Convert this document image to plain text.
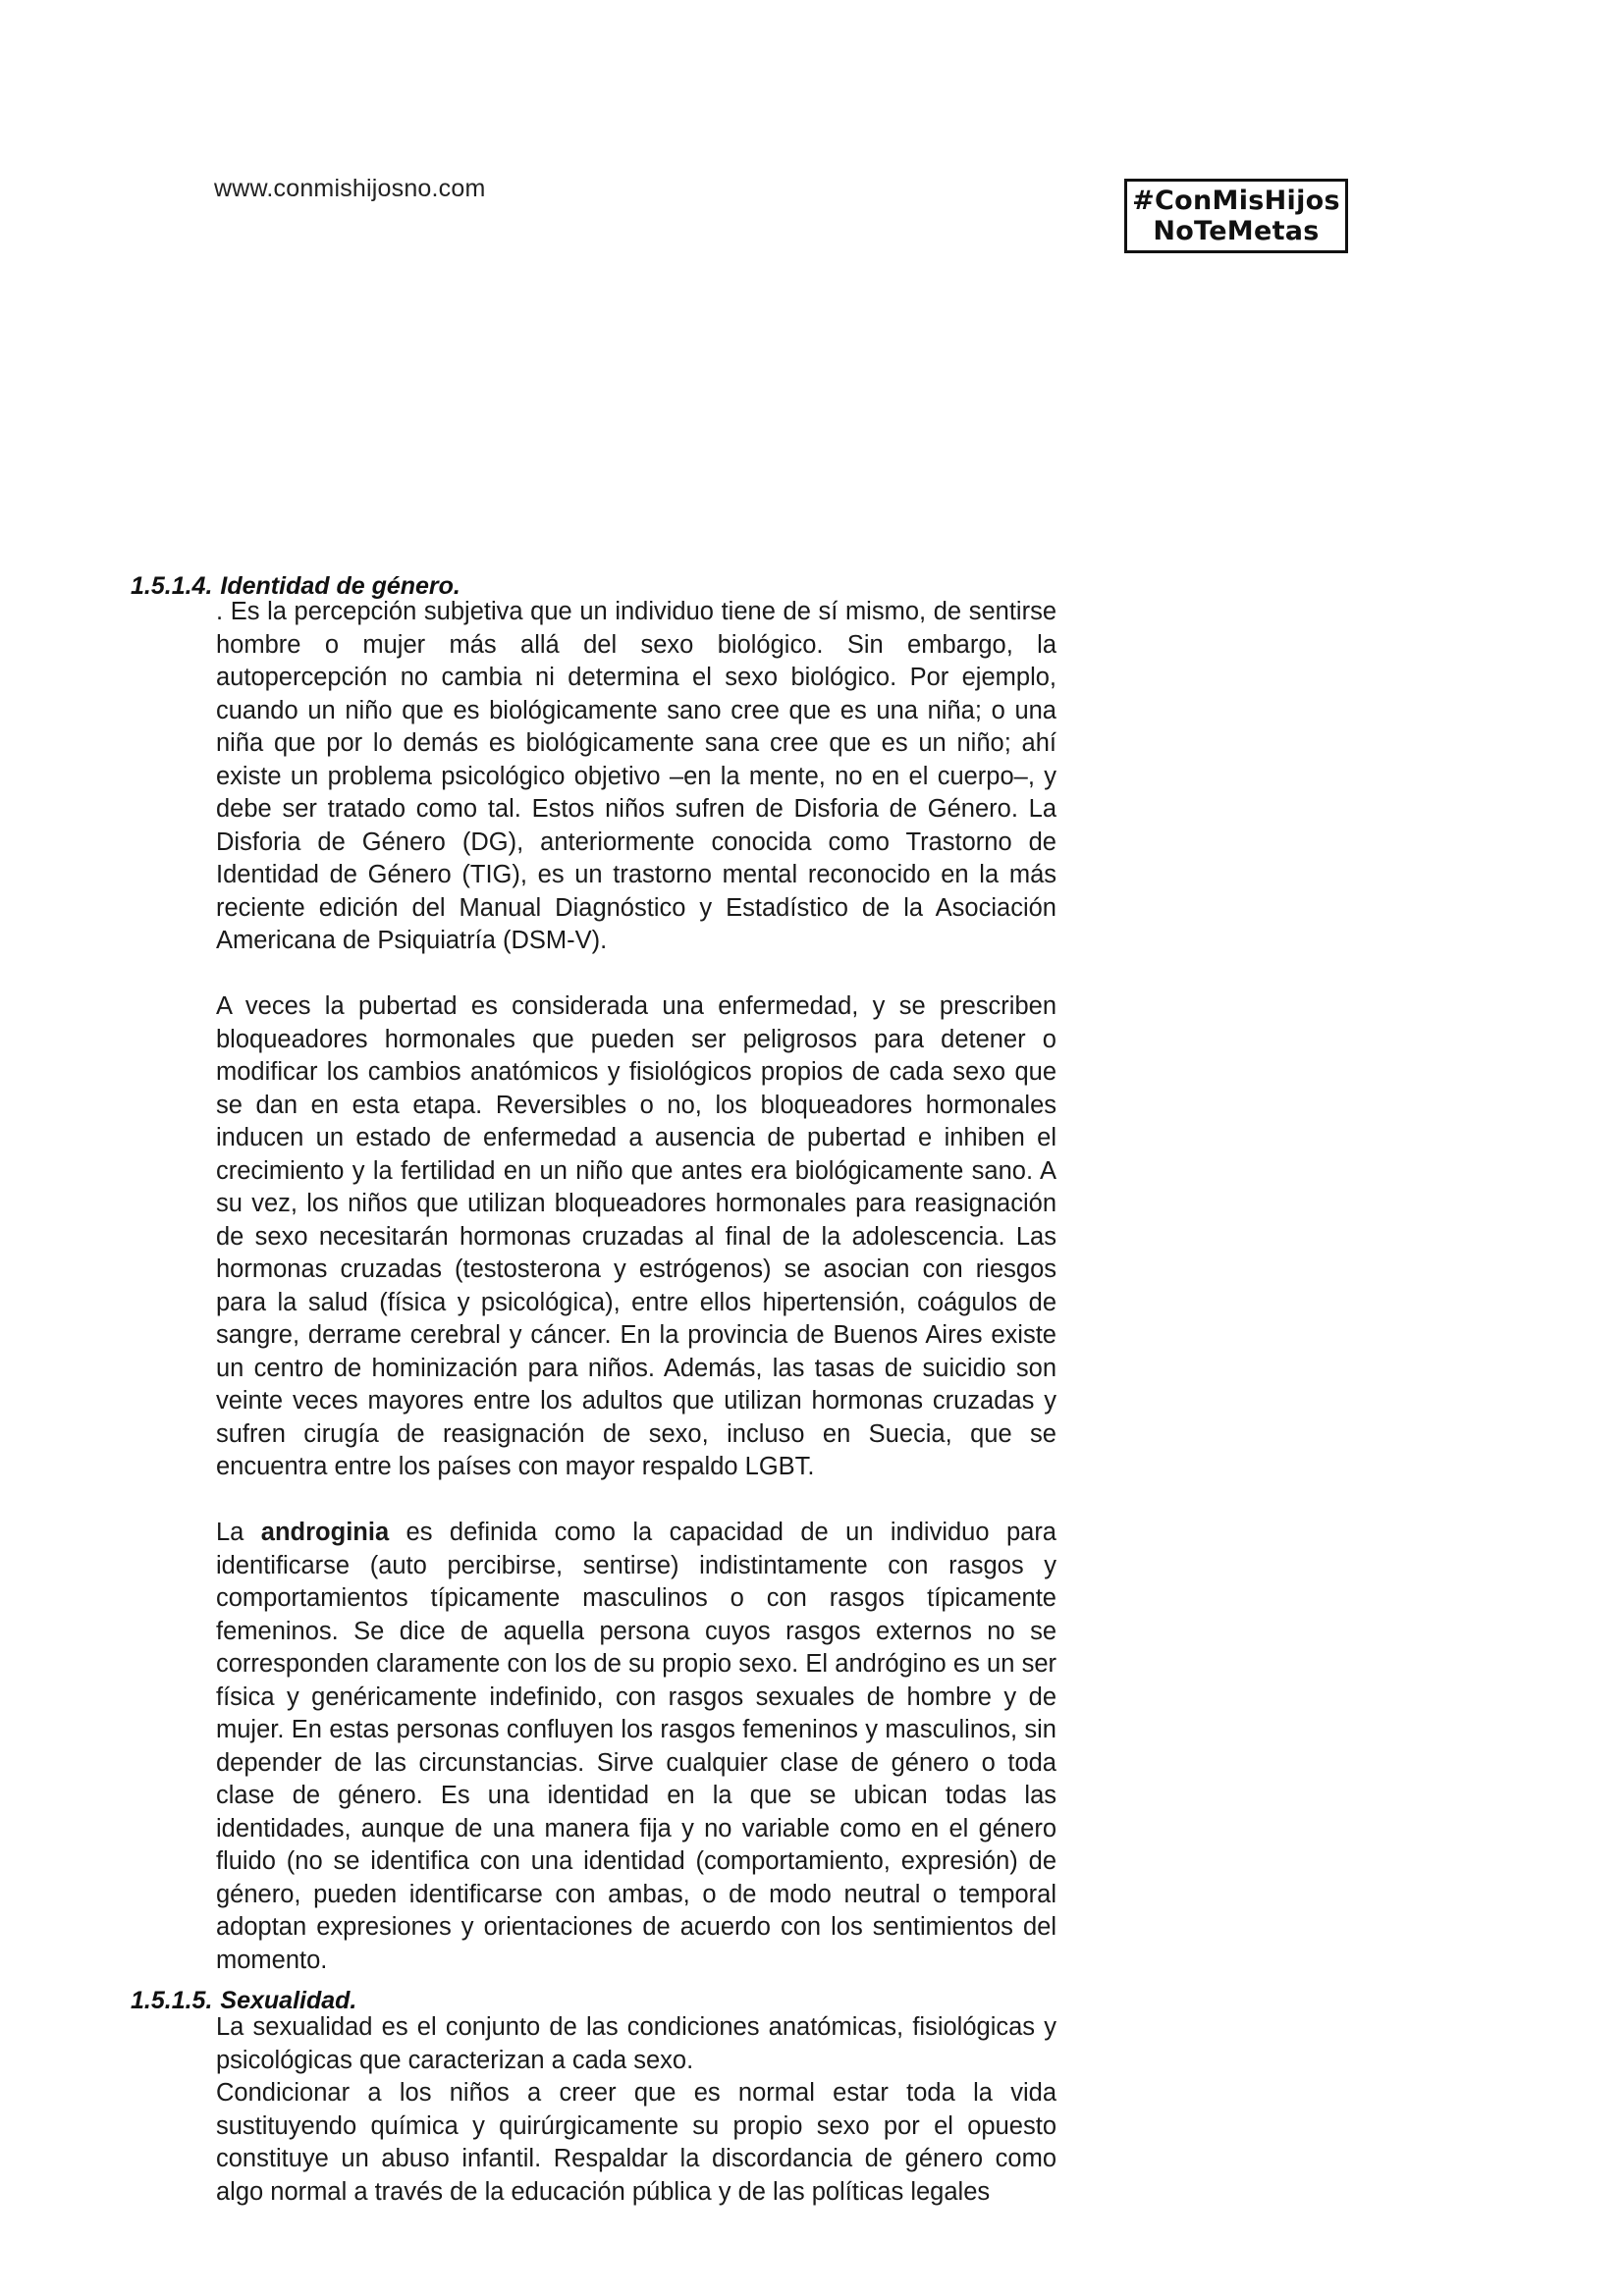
www.conmishijosno.com	#ConMisHijos
NoTeMetas
1.5.1.4. Identidad de género.

. Es la percepción subjetiva que un individuo tiene de sí mismo, de sentirse hombre o mujer más allá del sexo biológico. Sin embargo, la autopercepción no cambia ni determina el sexo biológico. Por ejemplo, cuando un niño que es biológicamente sano cree que es una niña; o una niña que por lo demás es biológicamente sana cree que es un niño; ahí existe un problema psicológico objetivo –en la mente, no en el cuerpo–, y debe ser tratado como tal. Estos niños sufren de Disforia de Género. La Disforia de Género (DG), anteriormente conocida como Trastorno de Identidad de Género (TIG), es un trastorno mental reconocido en la más reciente edición del Manual Diagnóstico y Estadístico de la Asociación Americana de Psiquiatría (DSM-V).

A veces la pubertad es considerada una enfermedad, y se prescriben bloqueadores hormonales que pueden ser peligrosos para detener o modificar los cambios anatómicos y fisiológicos propios de cada sexo que se dan en esta etapa. Reversibles o no, los bloqueadores hormonales inducen un estado de enfermedad a ausencia de pubertad e inhiben el crecimiento y la fertilidad en un niño que antes era biológicamente sano. A su vez, los niños que utilizan bloqueadores hormonales para reasignación de sexo necesitarán hormonas cruzadas al final de la adolescencia. Las hormonas cruzadas (testosterona y estrógenos) se asocian con riesgos para la salud (física y psicológica), entre ellos hipertensión, coágulos de sangre, derrame cerebral y cáncer. En la provincia de Buenos Aires existe un centro de hominización para niños. Además, las tasas de suicidio son veinte veces mayores entre los adultos que utilizan hormonas cruzadas y sufren cirugía de reasignación de sexo, incluso en Suecia, que se encuentra entre los países con mayor respaldo LGBT.

La androginia es definida como la capacidad de un individuo para identificarse (auto percibirse, sentirse) indistintamente con rasgos y comportamientos típicamente masculinos o con rasgos típicamente femeninos. Se dice de aquella persona cuyos rasgos externos no se corresponden claramente con los de su propio sexo. El andrógino es un ser física y genéricamente indefinido, con rasgos sexuales de hombre y de mujer. En estas personas confluyen los rasgos femeninos y masculinos, sin depender de las circunstancias. Sirve cualquier clase de género o toda clase de género. Es una identidad en la que se ubican todas las identidades, aunque de una manera fija y no variable como en el género fluido (no se identifica con una identidad (comportamiento, expresión) de género, pueden identificarse con ambas, o de modo neutral o temporal adoptan expresiones y orientaciones de acuerdo con los sentimientos del momento.

1.5.1.5. Sexualidad.

La sexualidad es el conjunto de las condiciones anatómicas, fisiológicas y psicológicas que caracterizan a cada sexo.

Condicionar a los niños a creer que es normal estar toda la vida sustituyendo química y quirúrgicamente su propio sexo por el opuesto constituye un abuso infantil. Respaldar la discordancia de género como algo normal a través de la educación pública y de las políticas legales
